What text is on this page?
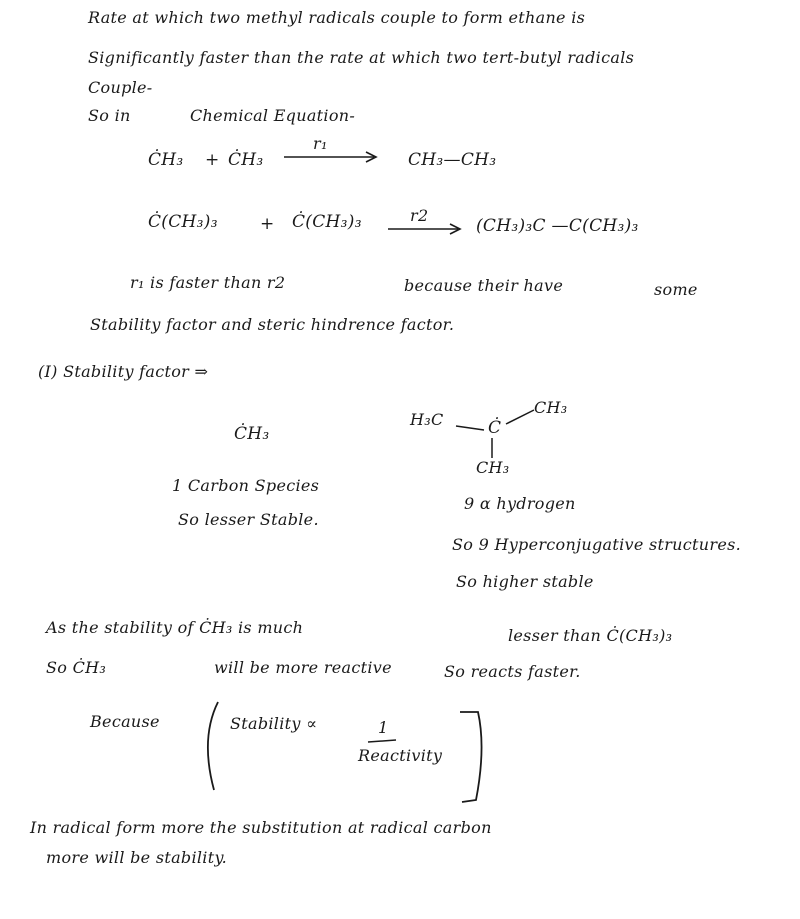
Rate at which two methyl radicals couple to form ethane is
Significantly faster than the rate at which two tert-butyl radicals
Couple-
So in	Chemical Equation-
ĊH₃ + ĊH₃
r₁
CH₃—CH₃
Ċ(CH₃)₃ + Ċ(CH₃)₃	r2
(CH₃)₃C —C(CH₃)₃
r₁ is faster than r2	because their have	some
Stability factor and steric hindrence factor.
(I) Stability factor ⇒
ĊH₃
1 Carbon Species
So lesser Stable.
H₃C	Ċ
CH₃
CH₃
9 α hydrogen
So 9 Hyperconjugative structures.
So higher stable
As the stability of ĊH₃ is much	lesser than Ċ(CH₃)₃
So ĊH₃	will be more reactive	So reacts faster.
Because	Stability ∝	1
Reactivity
In radical form more the substitution at radical carbon
more will be stability.
